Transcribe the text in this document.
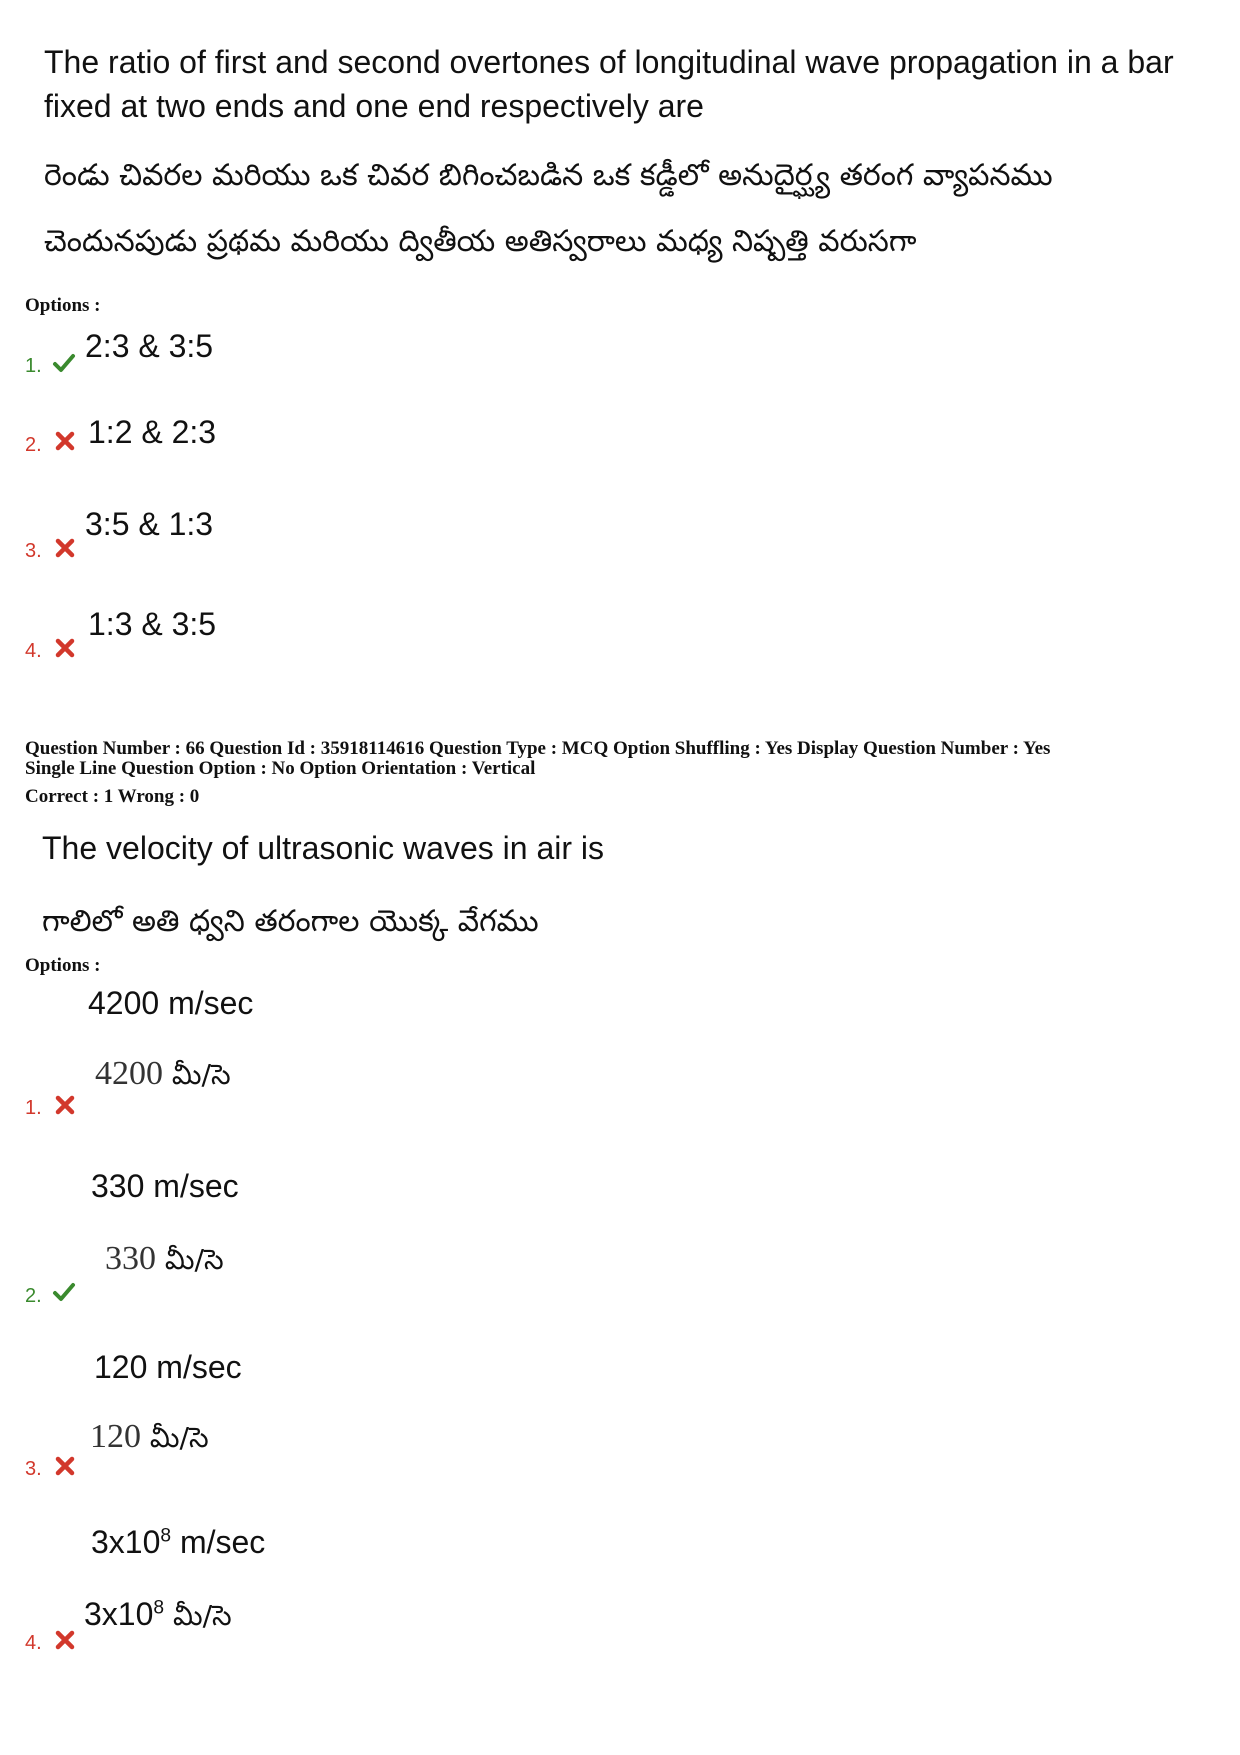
The ratio of first and second overtones of longitudinal wave propagation in a bar
fixed at two ends and one end respectively are
రెండు చివరల మరియు ఒక చివర బిగించబడిన ఒక కడ్డీలో అనుదైర్ఘ్య తరంగ వ్యాపనము
చెందునపుడు ప్రథమ మరియు ద్వితీయ అతిస్వరాలు మధ్య నిష్పత్తి వరుసగా
Options :
1.
2:3 & 3:5
2. 1:2 & 2:3
3.
3:5 & 1:3
4.
1:3 & 3:5
Question Number : 66 Question Id : 35918114616 Question Type : MCQ Option Shuffling : Yes Display Question Number : Yes
Single Line Question Option : No Option Orientation : Vertical
Correct : 1 Wrong : 0
The velocity of ultrasonic waves in air is
గాలిలో అతి ధ్వని తరంగాల యొక్క వేగము
Options :
4200 m/sec
4200 మీ/సె
1.
330 m/sec
330 మీ/సె
2.
120 m/sec
120 మీ/సె
3.
$3x10^8$ m/sec
$3x10^8$ మీ/సె
4.
